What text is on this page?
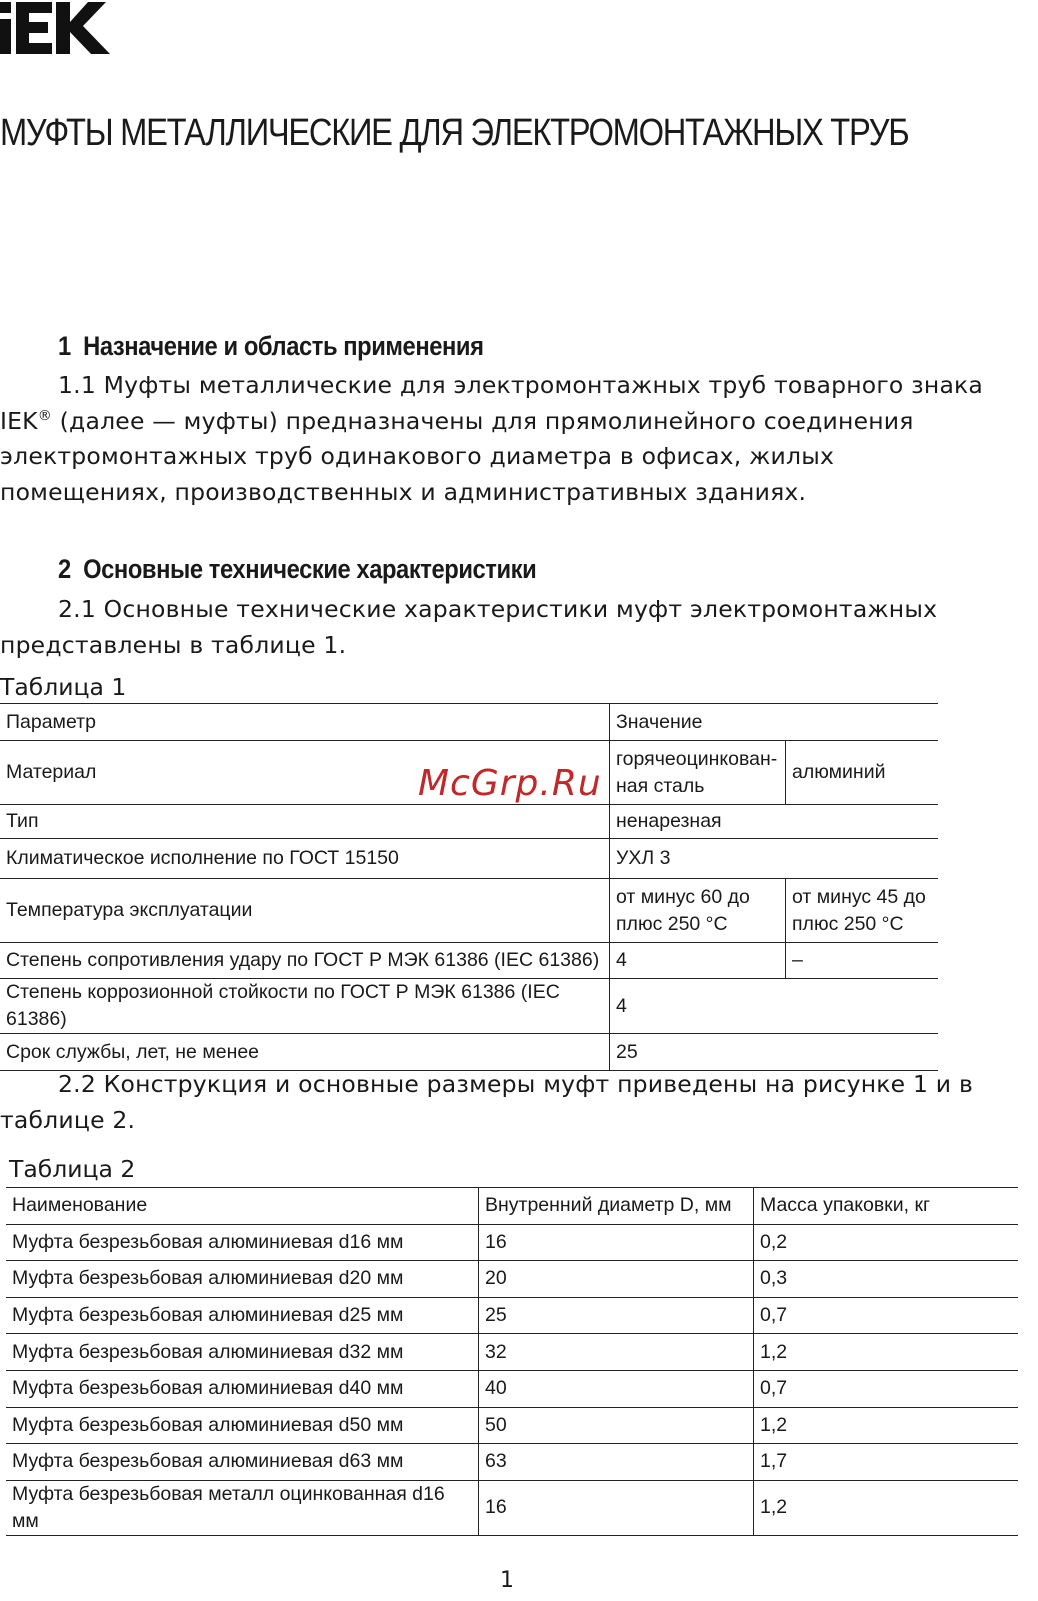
МУФТЫ МЕТАЛЛИЧЕСКИЕ ДЛЯ ЭЛЕКТРОМОНТАЖНЫХ ТРУБ
1 Назначение и область применения
1.1 Муфты металлические для электромонтажных труб товарного знака
IEK® (далее — муфты) предназначены для прямолинейного соединения
электромонтажных труб одинакового диаметра в офисах, жилых
помещениях, производственных и административных зданиях.
2 Основные технические характеристики
2.1 Основные технические характеристики муфт электромонтажных
представлены в таблице 1.
Таблица 1
Параметр	Значение	
Материал	горячеоцинкован-ная сталь	алюминий
Тип	ненарезная	
Климатическое исполнение по ГОСТ 15150	УХЛ 3	
Температура эксплуатации	от минус 60 до плюс 250 °С	от минус 45 до плюс 250 °С
Степень сопротивления удару по ГОСТ Р МЭК 61386 (IEC 61386)	4	–
Степень коррозионной стойкости по ГОСТ Р МЭК 61386 (IEC 61386)	4	
Срок службы, лет, не менее	25	
McGrp.Ru
2.2 Конструкция и основные размеры муфт приведены на рисунке 1 и в
таблице 2.
Таблица 2
Наименование	Внутренний диаметр D, мм	Масса упаковки, кг
Муфта безрезьбовая алюминиевая d16 мм	16	0,2
Муфта безрезьбовая алюминиевая d20 мм	20	0,3
Муфта безрезьбовая алюминиевая d25 мм	25	0,7
Муфта безрезьбовая алюминиевая d32 мм	32	1,2
Муфта безрезьбовая алюминиевая d40 мм	40	0,7
Муфта безрезьбовая алюминиевая d50 мм	50	1,2
Муфта безрезьбовая алюминиевая d63 мм	63	1,7
Муфта безрезьбовая металл оцинкованная d16 мм	16	1,2
1
